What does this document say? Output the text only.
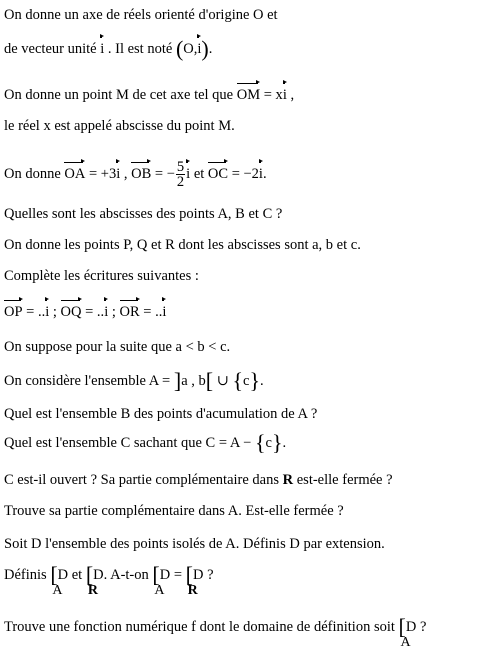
On donne un axe de réels orienté d'origine O et
de vecteur unité i . Il est noté (O,i).
On donne un point M de cet axe tel que OM = xi ,
le réel x est appelé abscisse du point M.
On donne OA = +3i , OB = − $\frac{5}{2}$ i et OC = −2i.
Quelles sont les abscisses des points A, B et C ?
On donne les points P, Q et R dont les abscisses sont a, b et c.
Complète les écritures suivantes :
OP = ..i ; OQ = ..i ; OR = ..i
On suppose pour la suite que a < b < c.
On considère l'ensemble A = ]a , b[ ∪ {c}.
Quel est l'ensemble B des points d'acumulation de A ?
Quel est l'ensemble C sachant que C = A − {c}.
C est-il ouvert ? Sa partie complémentaire dans R est-elle fermée ?
Trouve sa partie complémentaire dans A. Est-elle fermée ?
Soit D l'ensemble des points isolés de A. Définis D par extension.
Définis [D
A
et [D
R
. A-t-on [D
A
= [D
R
?
Trouve une fonction numérique f dont le domaine de définition soit [D
A
?
